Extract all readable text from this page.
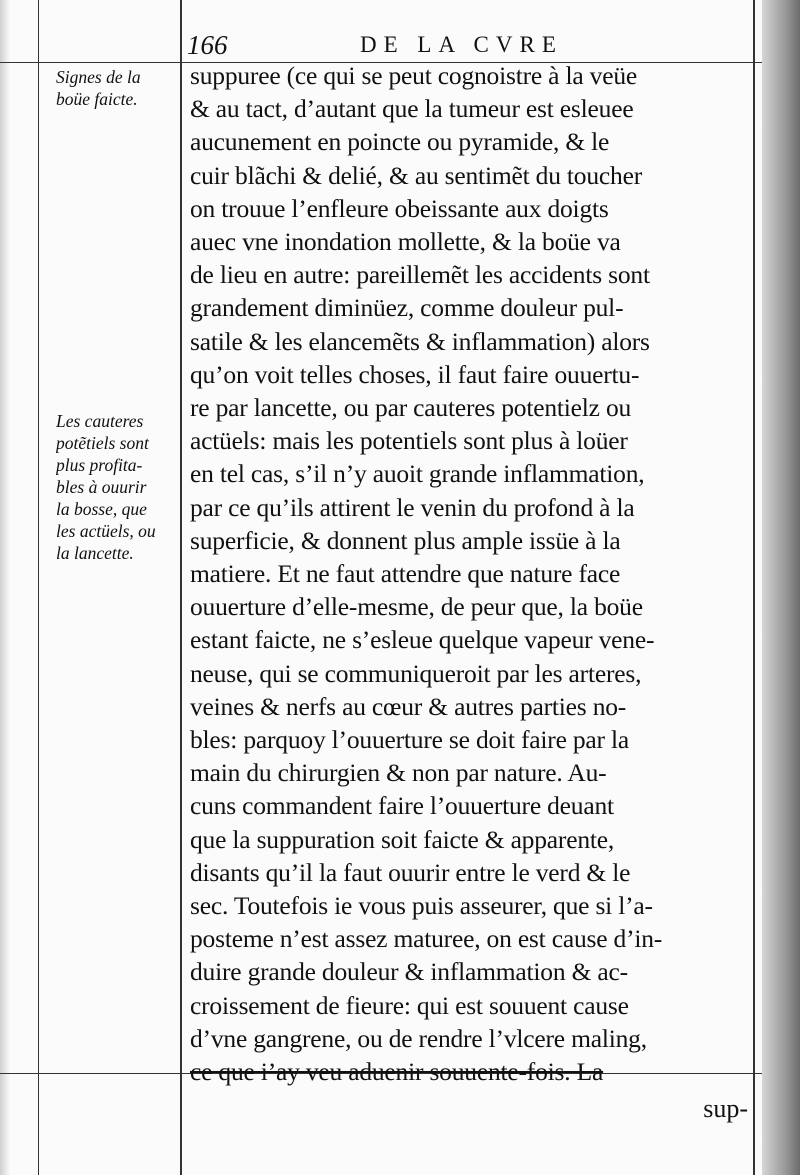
166	DE LA CVRE
Signes de la
boüe faicte.
Les cauteres
potẽtiels sont
plus profita-
bles à ouurir
la bosse, que
les actüels, ou
la lancette.
suppuree (ce qui se peut cognoistre à la veüe
& au tact, d’autant que la tumeur est esleuee
aucunement en poincte ou pyramide, & le
cuir blãchi & delié, & au sentimẽt du toucher
on trouue l’enfleure obeissante aux doigts
auec vne inondation mollette, & la boüe va
de lieu en autre: pareillemẽt les accidents sont
grandement diminüez, comme douleur pul-
satile & les elancemẽts & inflammation) alors
qu’on voit telles choses, il faut faire ouuertu-
re par lancette, ou par cauteres potentielz ou
actüels: mais les potentiels sont plus à loüer
en tel cas, s’il n’y auoit grande inflammation,
par ce qu’ils attirent le venin du profond à la
superficie, & donnent plus ample issüe à la
matiere. Et ne faut attendre que nature face
ouuerture d’elle-mesme, de peur que, la boüe
estant faicte, ne s’esleue quelque vapeur vene-
neuse, qui se communiqueroit par les arteres,
veines & nerfs au cœur & autres parties no-
bles: parquoy l’ouuerture se doit faire par la
main du chirurgien & non par nature. Au-
cuns commandent faire l’ouuerture deuant
que la suppuration soit faicte & apparente,
disants qu’il la faut ouurir entre le verd & le
sec. Toutefois ie vous puis asseurer, que si l’a-
posteme n’est assez maturee, on est cause d’in-
duire grande douleur & inflammation & ac-
croissement de fieure: qui est souuent cause
d’vne gangrene, ou de rendre l’vlcere maling,
ce que i’ay veu aduenir souuente-fois. La
sup-
